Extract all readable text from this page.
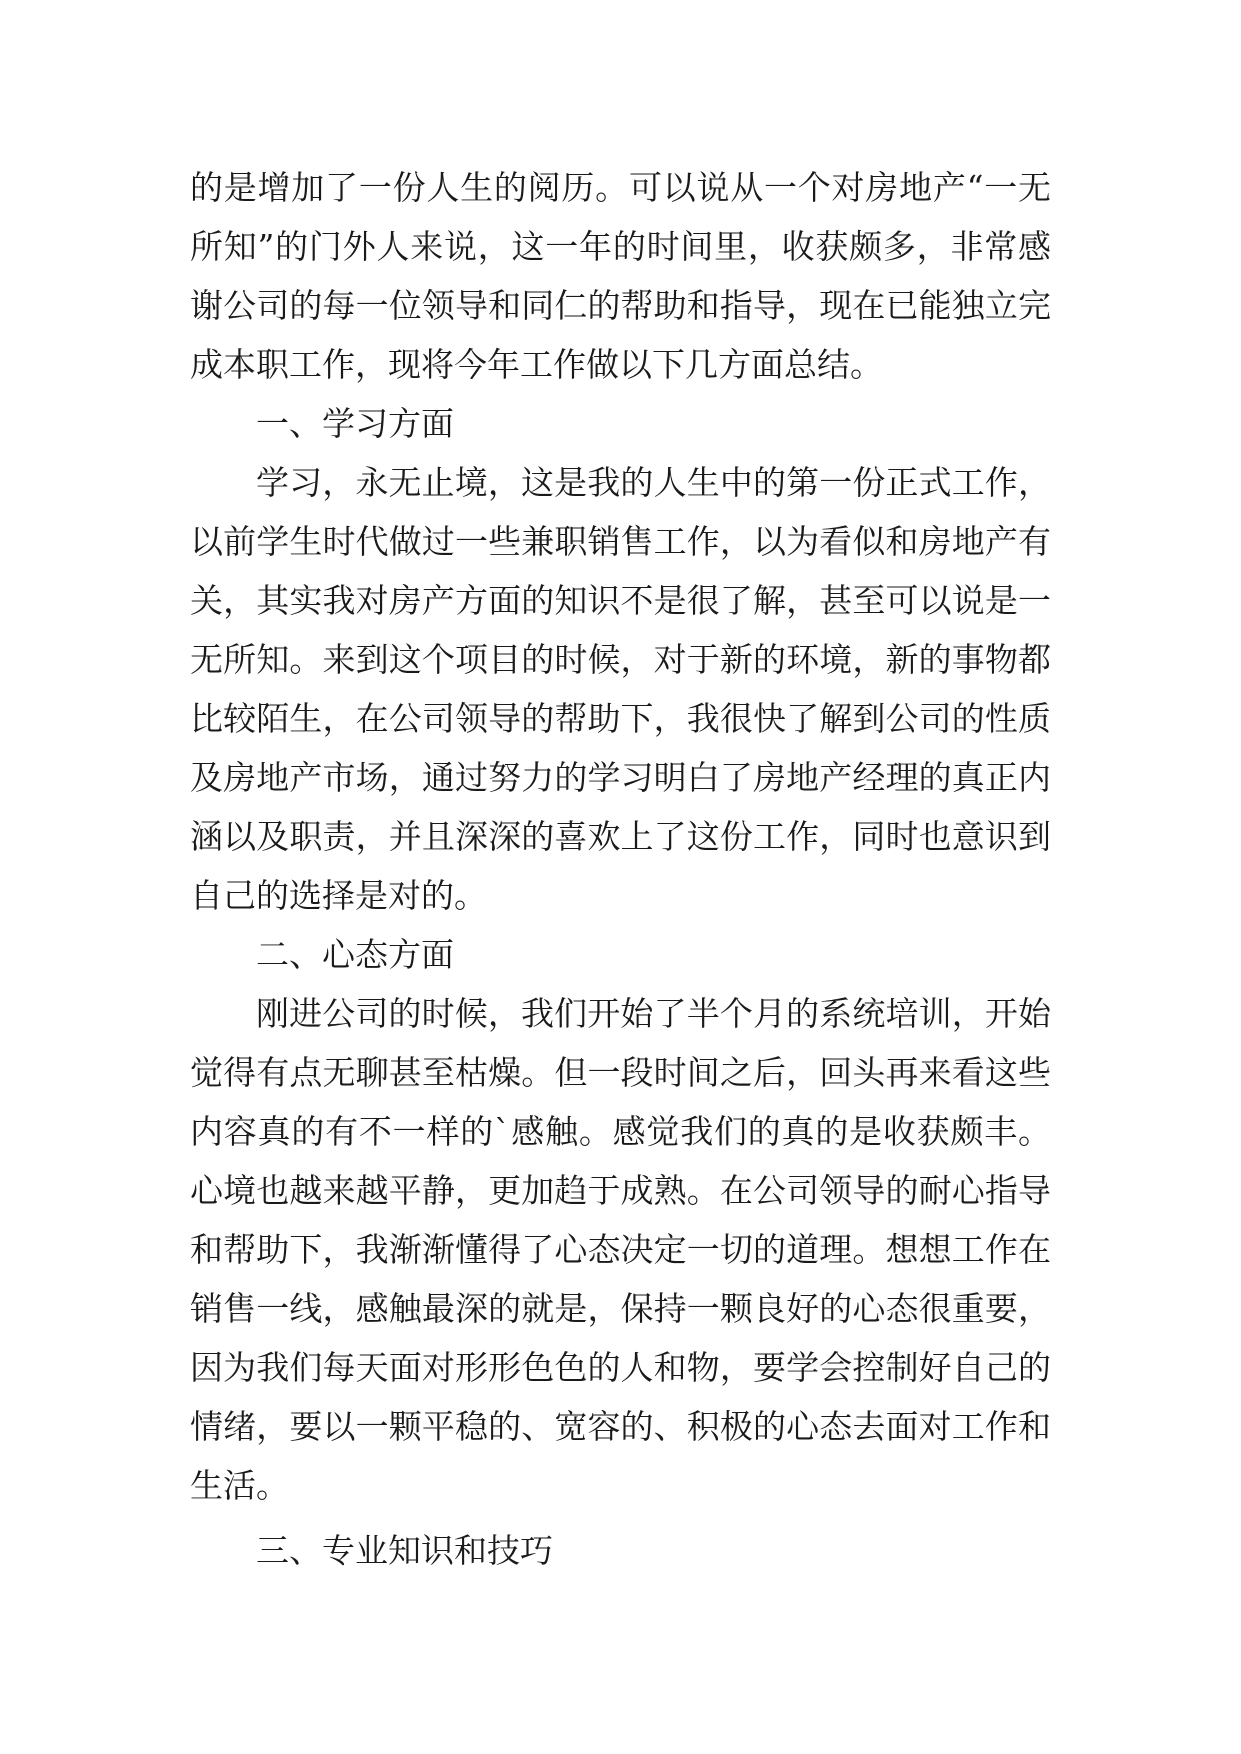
的是增加了一份人生的阅历。可以说从一个对房地产“一无
所知”的门外人来说，这一年的时间里，收获颇多，非常感
谢公司的每一位领导和同仁的帮助和指导，现在已能独立完
成本职工作，现将今年工作做以下几方面总结。
一、学习方面
学习，永无止境，这是我的人生中的第一份正式工作，
以前学生时代做过一些兼职销售工作，以为看似和房地产有
关，其实我对房产方面的知识不是很了解，甚至可以说是一
无所知。来到这个项目的时候，对于新的环境，新的事物都
比较陌生，在公司领导的帮助下，我很快了解到公司的性质
及房地产市场，通过努力的学习明白了房地产经理的真正内
涵以及职责，并且深深的喜欢上了这份工作，同时也意识到
自己的选择是对的。
二、心态方面
刚进公司的时候，我们开始了半个月的系统培训，开始
觉得有点无聊甚至枯燥。但一段时间之后，回头再来看这些
内容真的有不一样的`感触。感觉我们的真的是收获颇丰。
心境也越来越平静，更加趋于成熟。在公司领导的耐心指导
和帮助下，我渐渐懂得了心态决定一切的道理。想想工作在
销售一线，感触最深的就是，保持一颗良好的心态很重要，
因为我们每天面对形形色色的人和物，要学会控制好自己的
情绪，要以一颗平稳的、宽容的、积极的心态去面对工作和
生活。
三、专业知识和技巧
